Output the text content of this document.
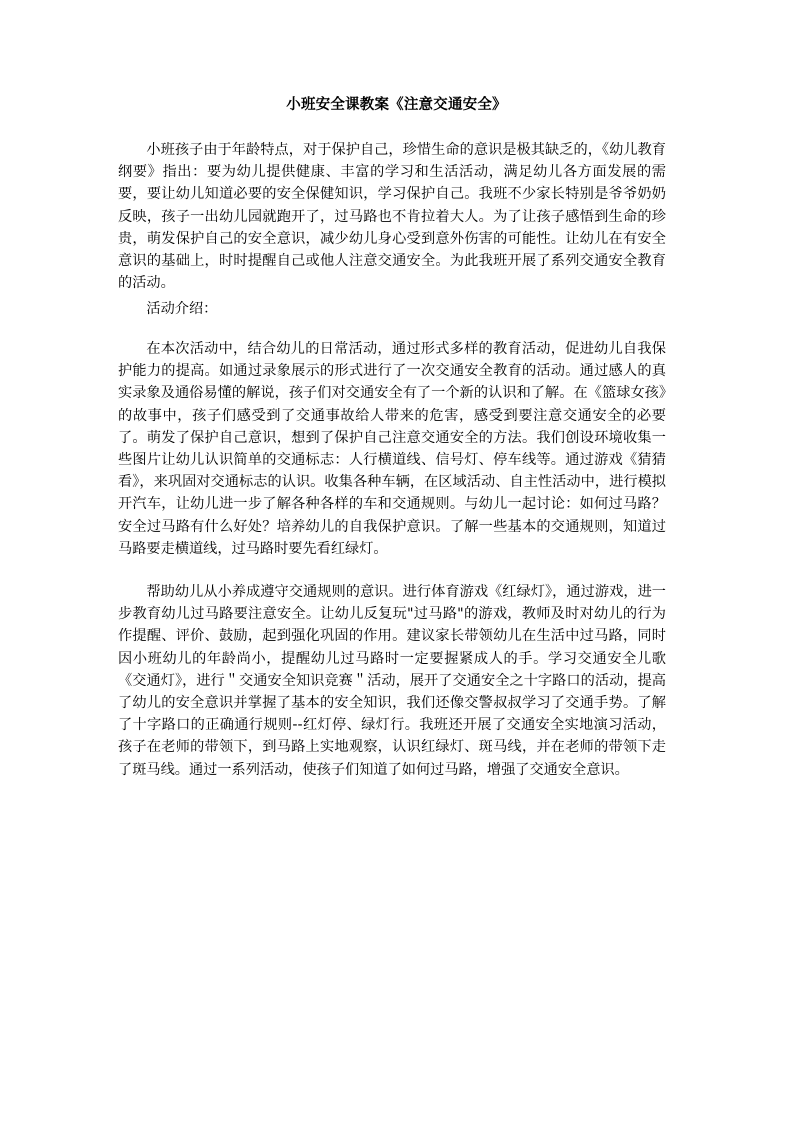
小班安全课教案《注意交通安全》

小班孩子由于年龄特点，对于保护自己，珍惜生命的意识是极其缺乏的，《幼儿教育纲要》指出：要为幼儿提供健康、丰富的学习和生活活动，满足幼儿各方面发展的需要，要让幼儿知道必要的安全保健知识，学习保护自己。我班不少家长特别是爷爷奶奶反映，孩子一出幼儿园就跑开了，过马路也不肯拉着大人。为了让孩子感悟到生命的珍贵，萌发保护自己的安全意识，减少幼儿身心受到意外伤害的可能性。让幼儿在有安全意识的基础上，时时提醒自己或他人注意交通安全。为此我班开展了系列交通安全教育的活动。

活动介绍：

在本次活动中，结合幼儿的日常活动，通过形式多样的教育活动，促进幼儿自我保护能力的提高。如通过录象展示的形式进行了一次交通安全教育的活动。通过感人的真实录象及通俗易懂的解说，孩子们对交通安全有了一个新的认识和了解。在《篮球女孩》的故事中，孩子们感受到了交通事故给人带来的危害，感受到要注意交通安全的必要了。萌发了保护自己意识，想到了保护自己注意交通安全的方法。我们创设环境收集一些图片让幼儿认识简单的交通标志：人行横道线、信号灯、停车线等。通过游戏《猜猜看》，来巩固对交通标志的认识。收集各种车辆，在区域活动、自主性活动中，进行模拟开汽车，让幼儿进一步了解各种各样的车和交通规则。与幼儿一起讨论：如何过马路？安全过马路有什么好处？培养幼儿的自我保护意识。了解一些基本的交通规则，知道过马路要走横道线，过马路时要先看红绿灯。

帮助幼儿从小养成遵守交通规则的意识。进行体育游戏《红绿灯》，通过游戏，进一步教育幼儿过马路要注意安全。让幼儿反复玩"过马路"的游戏，教师及时对幼儿的行为作提醒、评价、鼓励，起到强化巩固的作用。建议家长带领幼儿在生活中过马路，同时因小班幼儿的年龄尚小，提醒幼儿过马路时一定要握紧成人的手。学习交通安全儿歌《交通灯》，进行＂交通安全知识竞赛＂活动，展开了交通安全之十字路口的活动，提高了幼儿的安全意识并掌握了基本的安全知识，我们还像交警叔叔学习了交通手势。了解了十字路口的正确通行规则--红灯停、绿灯行。我班还开展了交通安全实地演习活动，孩子在老师的带领下，到马路上实地观察，认识红绿灯、斑马线，并在老师的带领下走了斑马线。通过一系列活动，使孩子们知道了如何过马路，增强了交通安全意识。
